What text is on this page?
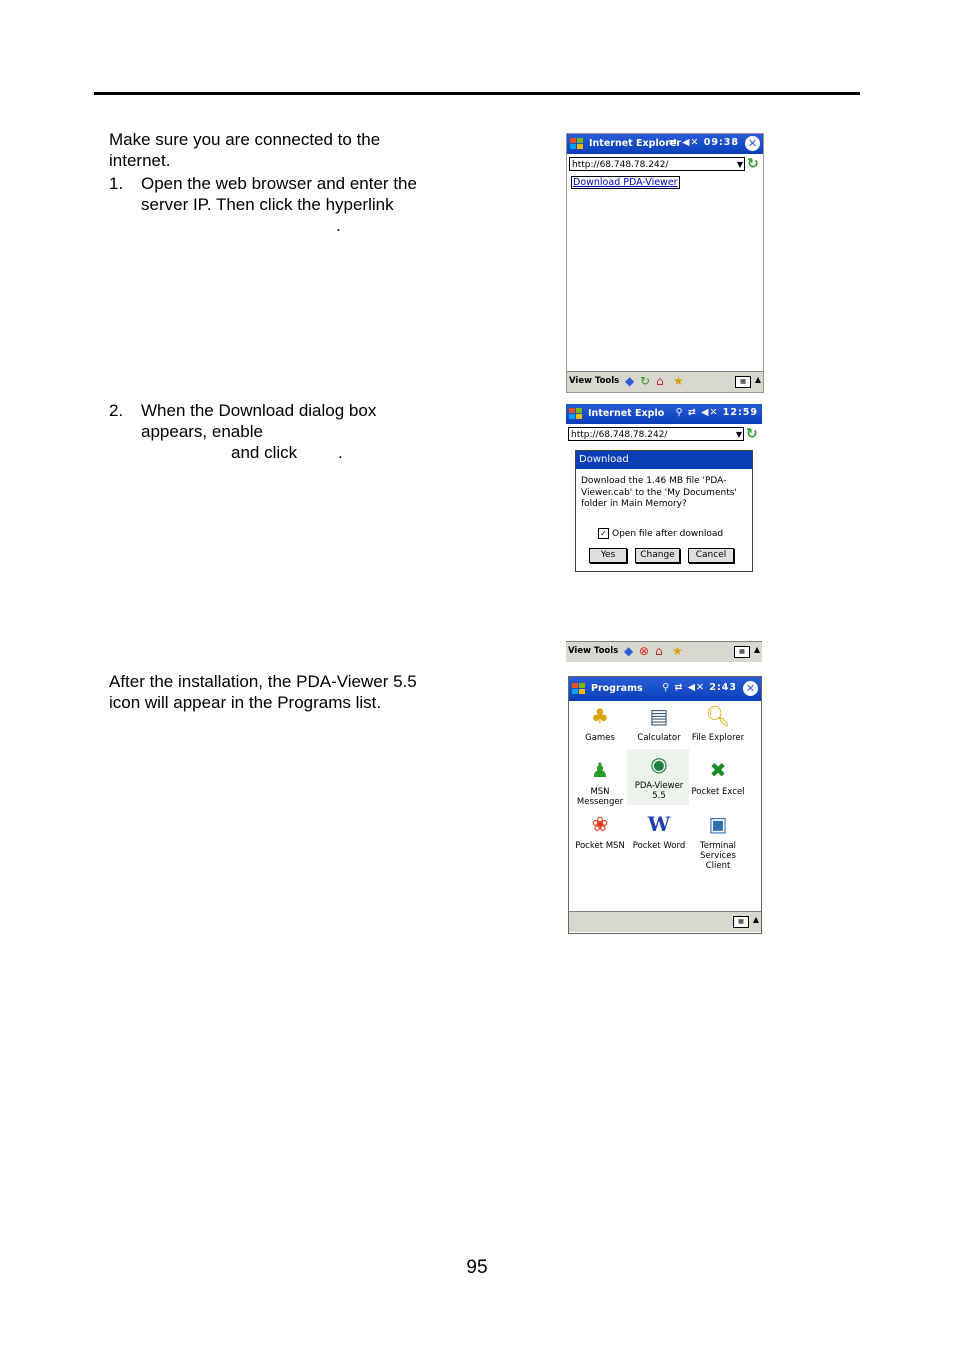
Make sure you are connected to the
internet.
1. Open the web browser and enter the
server IP. Then click the hyperlink
.
2. When the Download dialog box
appears, enable
and click .
After the installation, the PDA-Viewer 5.5
icon will appear in the Programs list.
95
Internet Explorer
⇄ ◀✕ 09:38 ✕
http://68.748.78.242/	▼ ↻
Download PDA-Viewer
View Tools ◆ ↻ ⌂ ★	▦	▲
Internet Explo ⚲ ⇄ ◀✕ 12:59
http://68.748.78.242/	▼ ↻
Download
Download the 1.46 MB file 'PDA-Viewer.cab' to the 'My Documents' folder in Main Memory?
✓ Open file after download
Yes	Change	Cancel
View Tools ◆ ⊗ ⌂ ★	▦	▲
Programs ⚲ ⇄ ◀✕ 2:43 ✕
♣
Games
▤
Calculator
🔍︎
File Explorer
♟
MSN Messenger
◉
PDA-Viewer 5.5
✖
Pocket Excel
❀
Pocket MSN
W
Pocket Word
▣
Terminal Services Client
▦	▲
